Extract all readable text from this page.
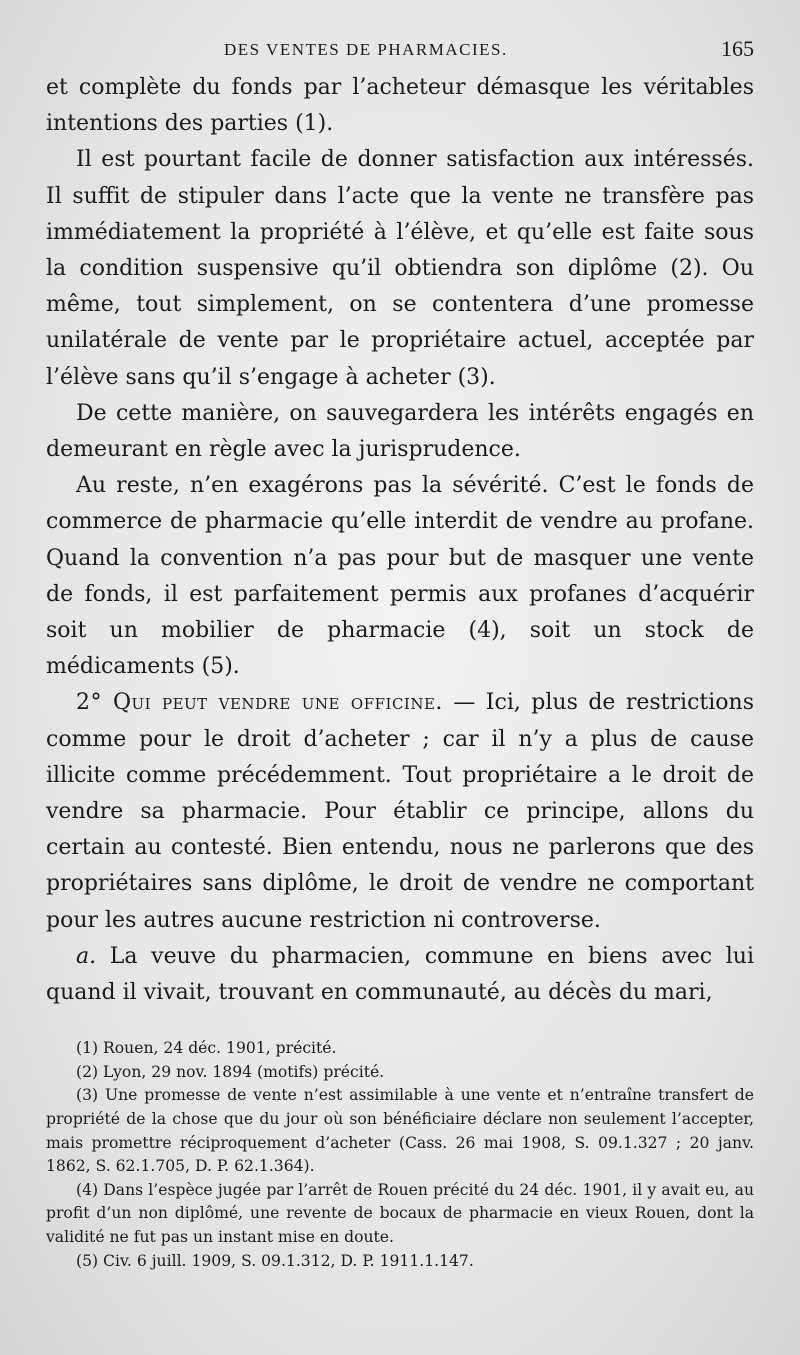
DES VENTES DE PHARMACIES.	165

et complète du fonds par l’acheteur démasque les véritables intentions des parties (1).

Il est pourtant facile de donner satisfaction aux intéressés. Il suffit de stipuler dans l’acte que la vente ne transfère pas immédiatement la propriété à l’élève, et qu’elle est faite sous la condition suspensive qu’il obtiendra son diplôme (2). Ou même, tout simplement, on se contentera d’une promesse unilatérale de vente par le propriétaire actuel, acceptée par l’élève sans qu’il s’engage à acheter (3).

De cette manière, on sauvegardera les intérêts engagés en demeurant en règle avec la jurisprudence.

Au reste, n’en exagérons pas la sévérité. C’est le fonds de commerce de pharmacie qu’elle interdit de vendre au profane. Quand la convention n’a pas pour but de masquer une vente de fonds, il est parfaitement permis aux profanes d’acquérir soit un mobilier de pharmacie (4), soit un stock de médicaments (5).

2° Qui peut vendre une officine. — Ici, plus de restrictions comme pour le droit d’acheter ; car il n’y a plus de cause illicite comme précédemment. Tout propriétaire a le droit de vendre sa pharmacie. Pour établir ce principe, allons du certain au contesté. Bien entendu, nous ne parlerons que des propriétaires sans diplôme, le droit de vendre ne comportant pour les autres aucune restriction ni controverse.

a. La veuve du pharmacien, commune en biens avec lui quand il vivait, trouvant en communauté, au décès du mari,

(1) Rouen, 24 déc. 1901, précité.

(2) Lyon, 29 nov. 1894 (motifs) précité.

(3) Une promesse de vente n’est assimilable à une vente et n’entraîne transfert de propriété de la chose que du jour où son bénéficiaire déclare non seulement l’accepter, mais promettre réciproquement d’acheter (Cass. 26 mai 1908, S. 09.1.327 ; 20 janv. 1862, S. 62.1.705, D. P. 62.1.364).

(4) Dans l’espèce jugée par l’arrêt de Rouen précité du 24 déc. 1901, il y avait eu, au profit d’un non diplômé, une revente de bocaux de pharmacie en vieux Rouen, dont la validité ne fut pas un instant mise en doute.

(5) Civ. 6 juill. 1909, S. 09.1.312, D. P. 1911.1.147.
